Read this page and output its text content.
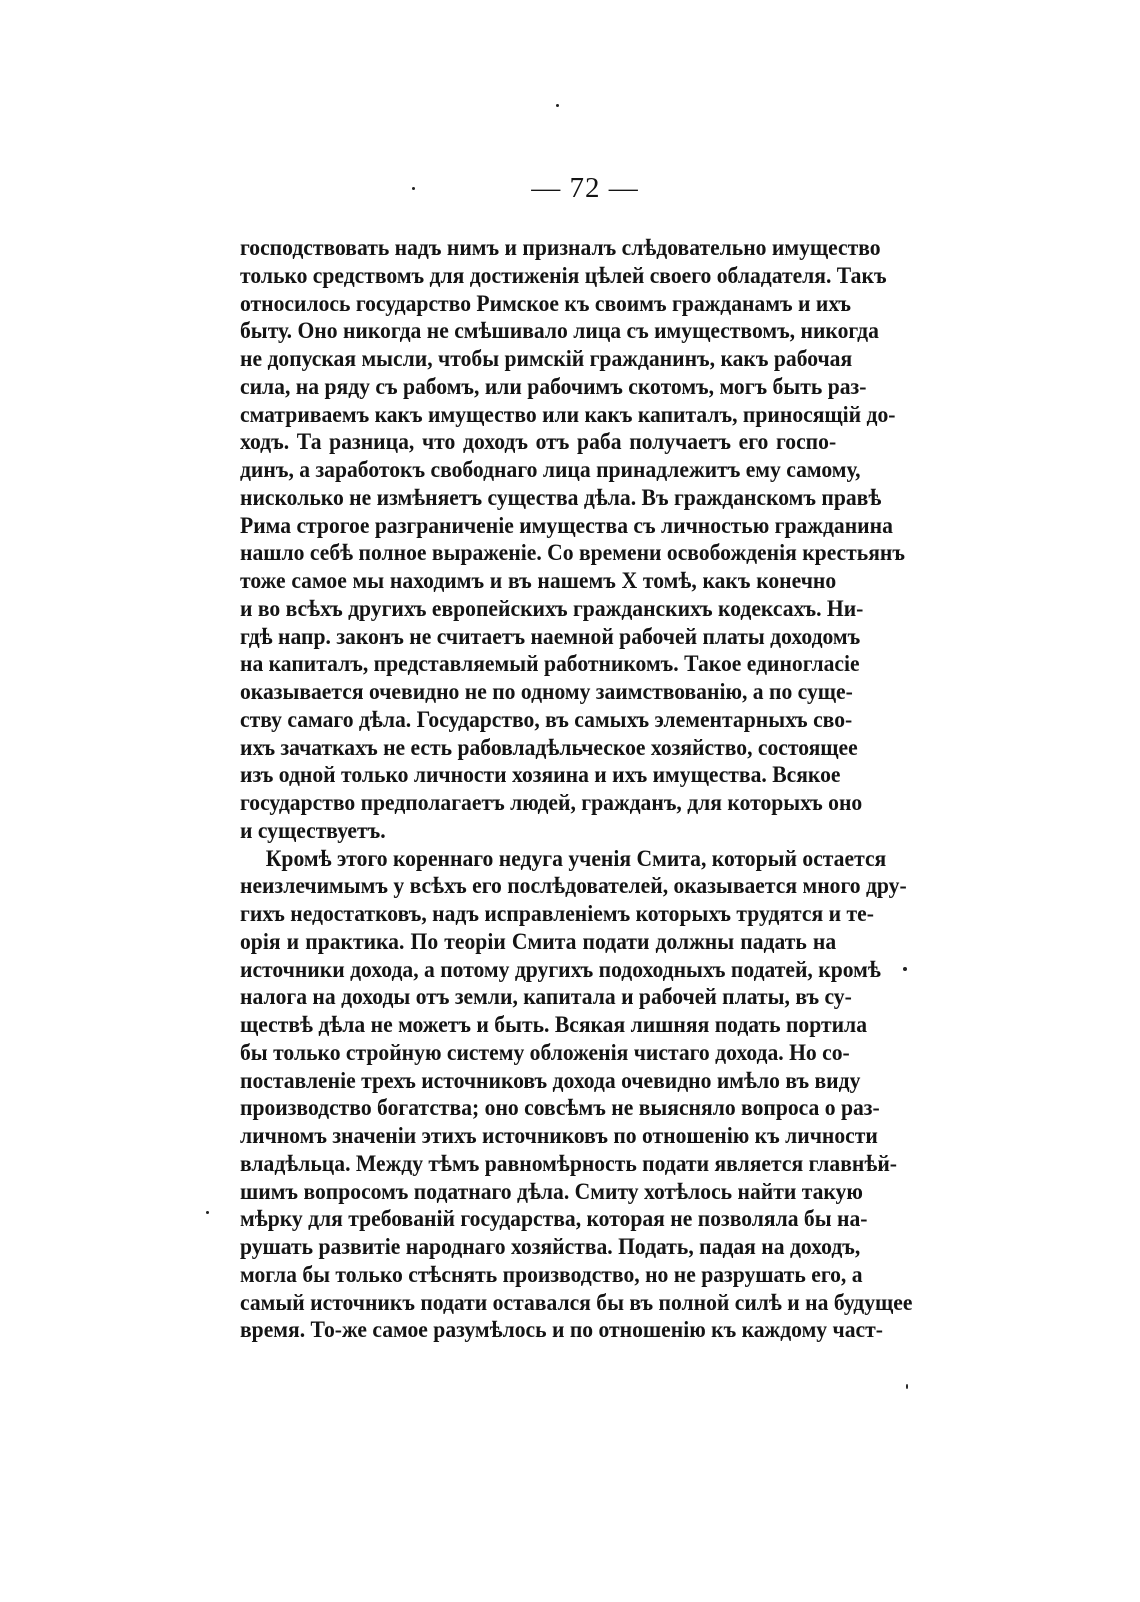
— 72 —
господствовать надъ нимъ и призналъ слѣдовательно имущество
только средствомъ для достиженія цѣлей своего обладателя. Такъ
относилось государство Римское къ своимъ гражданамъ и ихъ
быту. Оно никогда не смѣшивало лица съ имуществомъ, никогда
не допуская мысли, чтобы римскій гражданинъ, какъ рабочая
сила, на ряду съ рабомъ, или рабочимъ скотомъ, могъ быть раз-
сматриваемъ какъ имущество или какъ капиталъ, приносящій до-
ходъ. Та разница, что доходъ отъ раба получаетъ его госпо-
динъ, а заработокъ свободнаго лица принадлежитъ ему самому,
нисколько не измѣняетъ существа дѣла. Въ гражданскомъ правѣ
Рима строгое разграниченіе имущества съ личностью гражданина
нашло себѣ полное выраженіе. Со времени освобожденія крестьянъ
тоже самое мы находимъ и въ нашемъ X томѣ, какъ конечно
и во всѣхъ другихъ европейскихъ гражданскихъ кодексахъ. Ни-
гдѣ напр. законъ не считаетъ наемной рабочей платы доходомъ
на капиталъ, представляемый работникомъ. Такое единогласіе
оказывается очевидно не по одному заимствованію, а по суще-
ству самаго дѣла. Государство, въ самыхъ элементарныхъ сво-
ихъ зачаткахъ не есть рабовладѣльческое хозяйство, состоящее
изъ одной только личности хозяина и ихъ имущества. Всякое
государство предполагаетъ людей, гражданъ, для которыхъ оно
и существуетъ.
Кромѣ этого кореннаго недуга ученія Смита, который остается
неизлечимымъ у всѣхъ его послѣдователей, оказывается много дру-
гихъ недостатковъ, надъ исправленіемъ которыхъ трудятся и те-
орія и практика. По теоріи Смита подати должны падать на
источники дохода, а потому другихъ подоходныхъ податей, кромѣ
налога на доходы отъ земли, капитала и рабочей платы, въ су-
ществѣ дѣла не можетъ и быть. Всякая лишняя подать портила
бы только стройную систему обложенія чистаго дохода. Но со-
поставленіе трехъ источниковъ дохода очевидно имѣло въ виду
производство богатства; оно совсѣмъ не выясняло вопроса о раз-
личномъ значеніи этихъ источниковъ по отношенію къ личности
владѣльца. Между тѣмъ равномѣрность подати является главнѣй-
шимъ вопросомъ податнаго дѣла. Смиту хотѣлось найти такую
мѣрку для требованій государства, которая не позволяла бы на-
рушать развитіе народнаго хозяйства. Подать, падая на доходъ,
могла бы только стѣснять производство, но не разрушать его, а
самый источникъ подати оставался бы въ полной силѣ и на будущее
время. То-же самое разумѣлось и по отношенію къ каждому част-
